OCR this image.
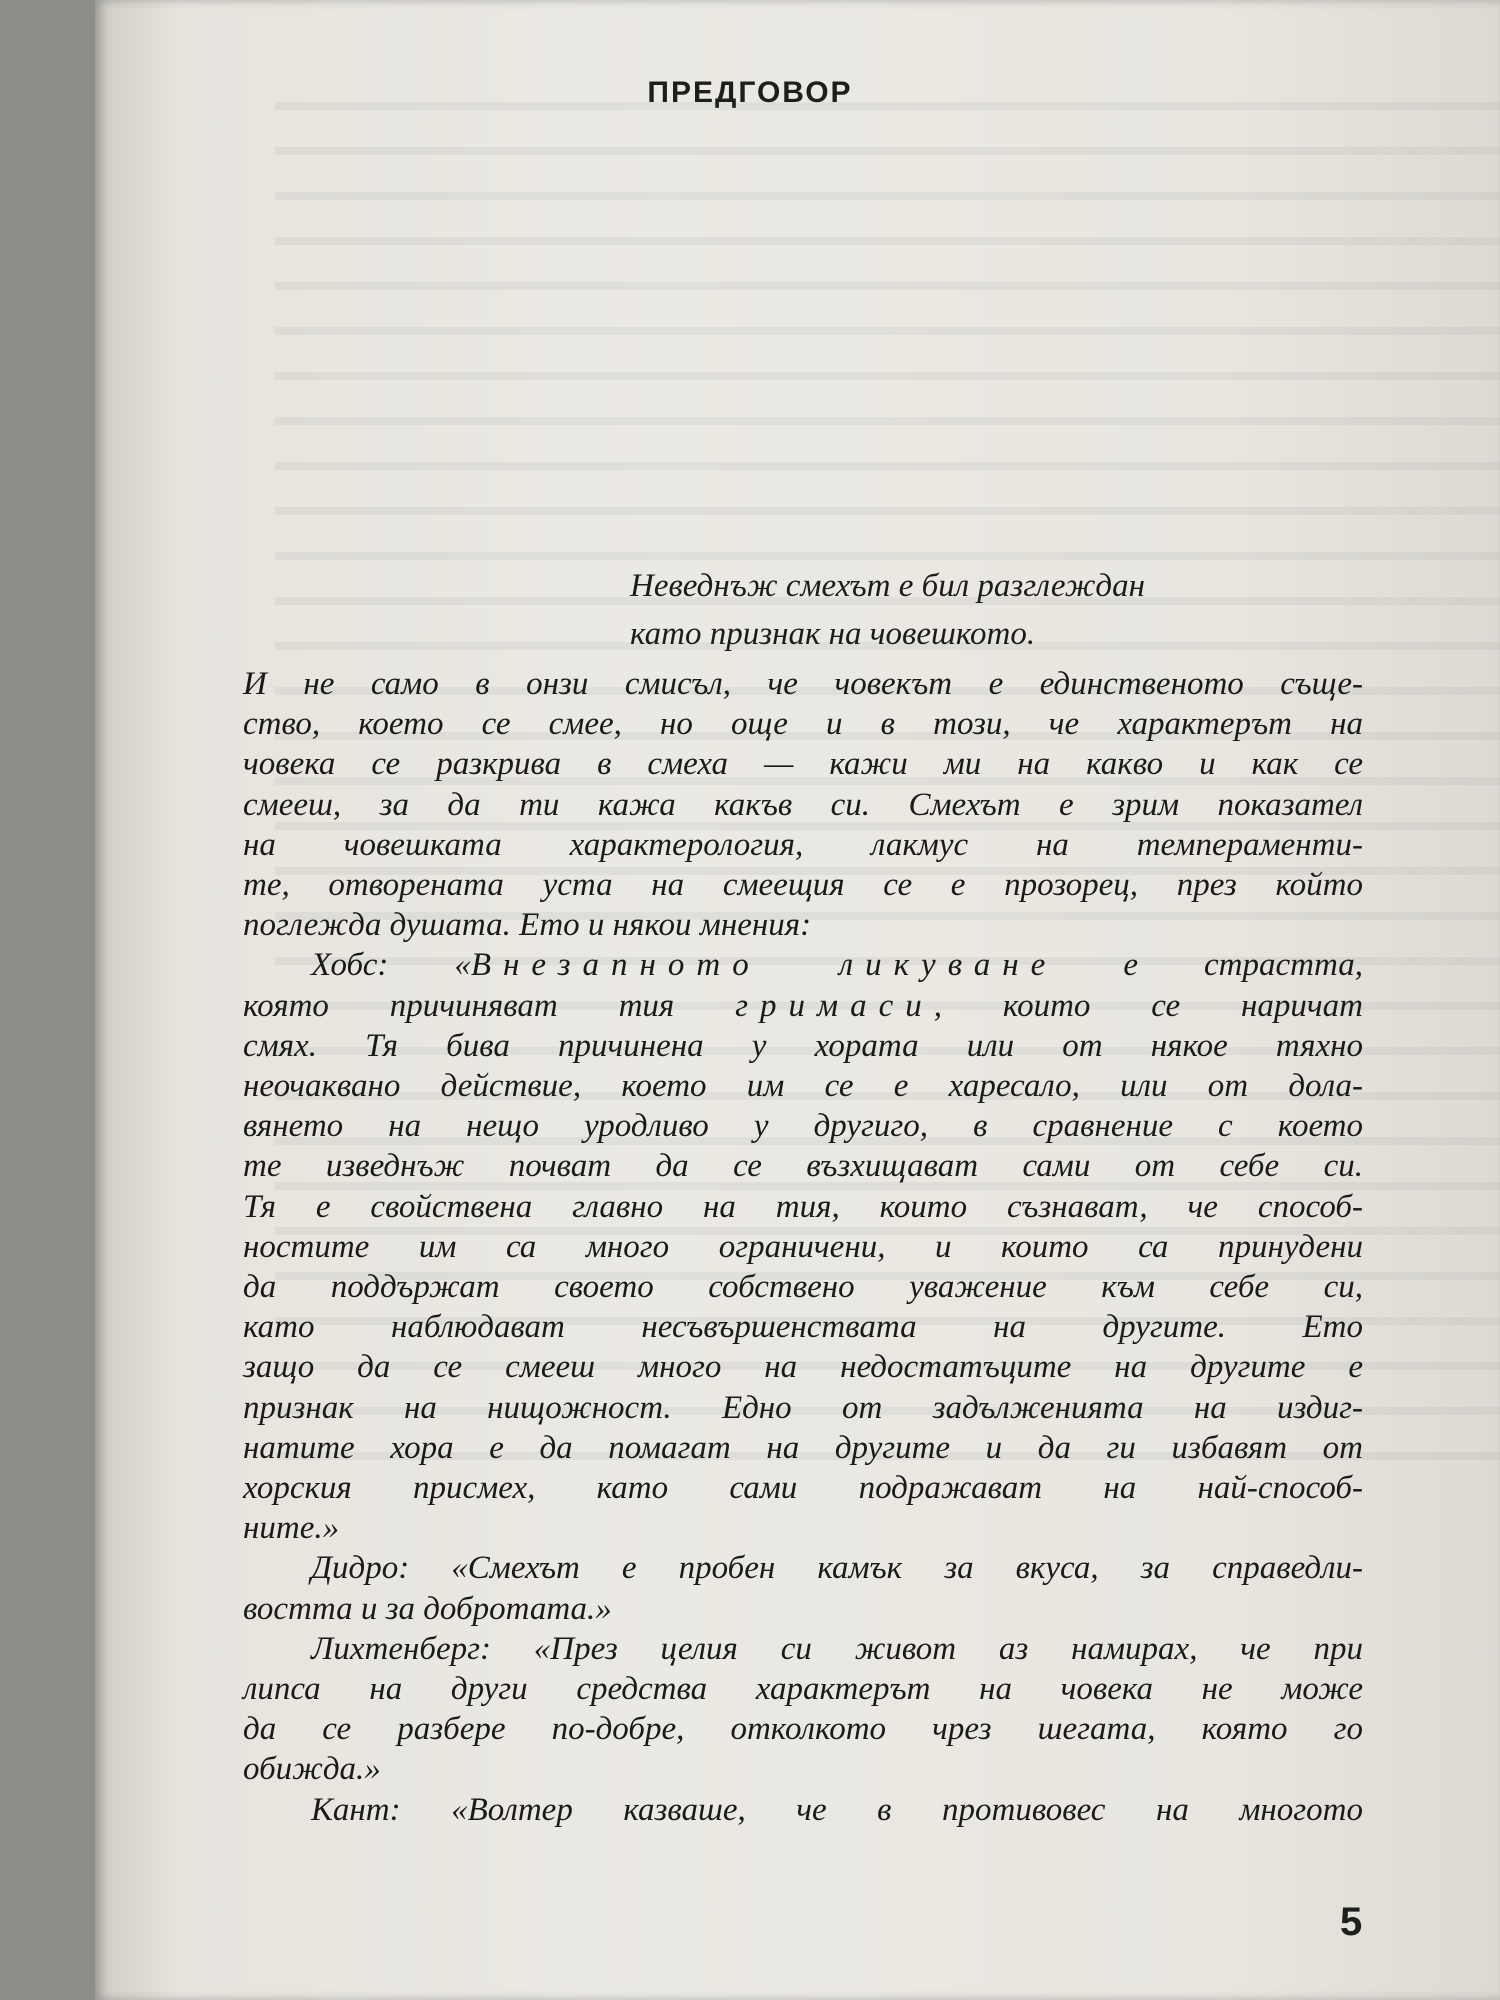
ПРЕДГОВОР
Неведнъж смехът е бил разглеждан
като признак на човешкото.
И не само в онзи смисъл, че човекът е единственото съще-
ство, което се смее, но още и в този, че характерът на
човека се разкрива в смеха — кажи ми на какво и как се
смееш, за да ти кажа какъв си. Смехът е зрим показател
на човешката характерология, лакмус на темпераменти-
те, отворената уста на смеещия се е прозорец, през който
поглежда душата. Ето и някои мнения:
Хобс: «Внезапното ликуване е страстта,
която причиняват тия гримаси, които се наричат
смях. Тя бива причинена у хората или от някое тяхно
неочаквано действие, което им се е харесало, или от дола-
вянето на нещо уродливо у другиго, в сравнение с което
те изведнъж почват да се възхищават сами от себе си.
Тя е свойствена главно на тия, които съзнават, че способ-
ностите им са много ограничени, и които са принудени
да поддържат своето собствено уважение към себе си,
като наблюдават несъвършенствата на другите. Ето
защо да се смееш много на недостатъците на другите е
признак на нищожност. Едно от задълженията на издиг-
натите хора е да помагат на другите и да ги избавят от
хорския присмех, като сами подражават на най-способ-
ните.»
Дидро: «Смехът е пробен камък за вкуса, за справедли-
востта и за добротата.»
Лихтенберг: «През целия си живот аз намирах, че при
липса на други средства характерът на човека не може
да се разбере по-добре, отколкото чрез шегата, която го
обижда.»
Кант: «Волтер казваше, че в противовес на многото
5
